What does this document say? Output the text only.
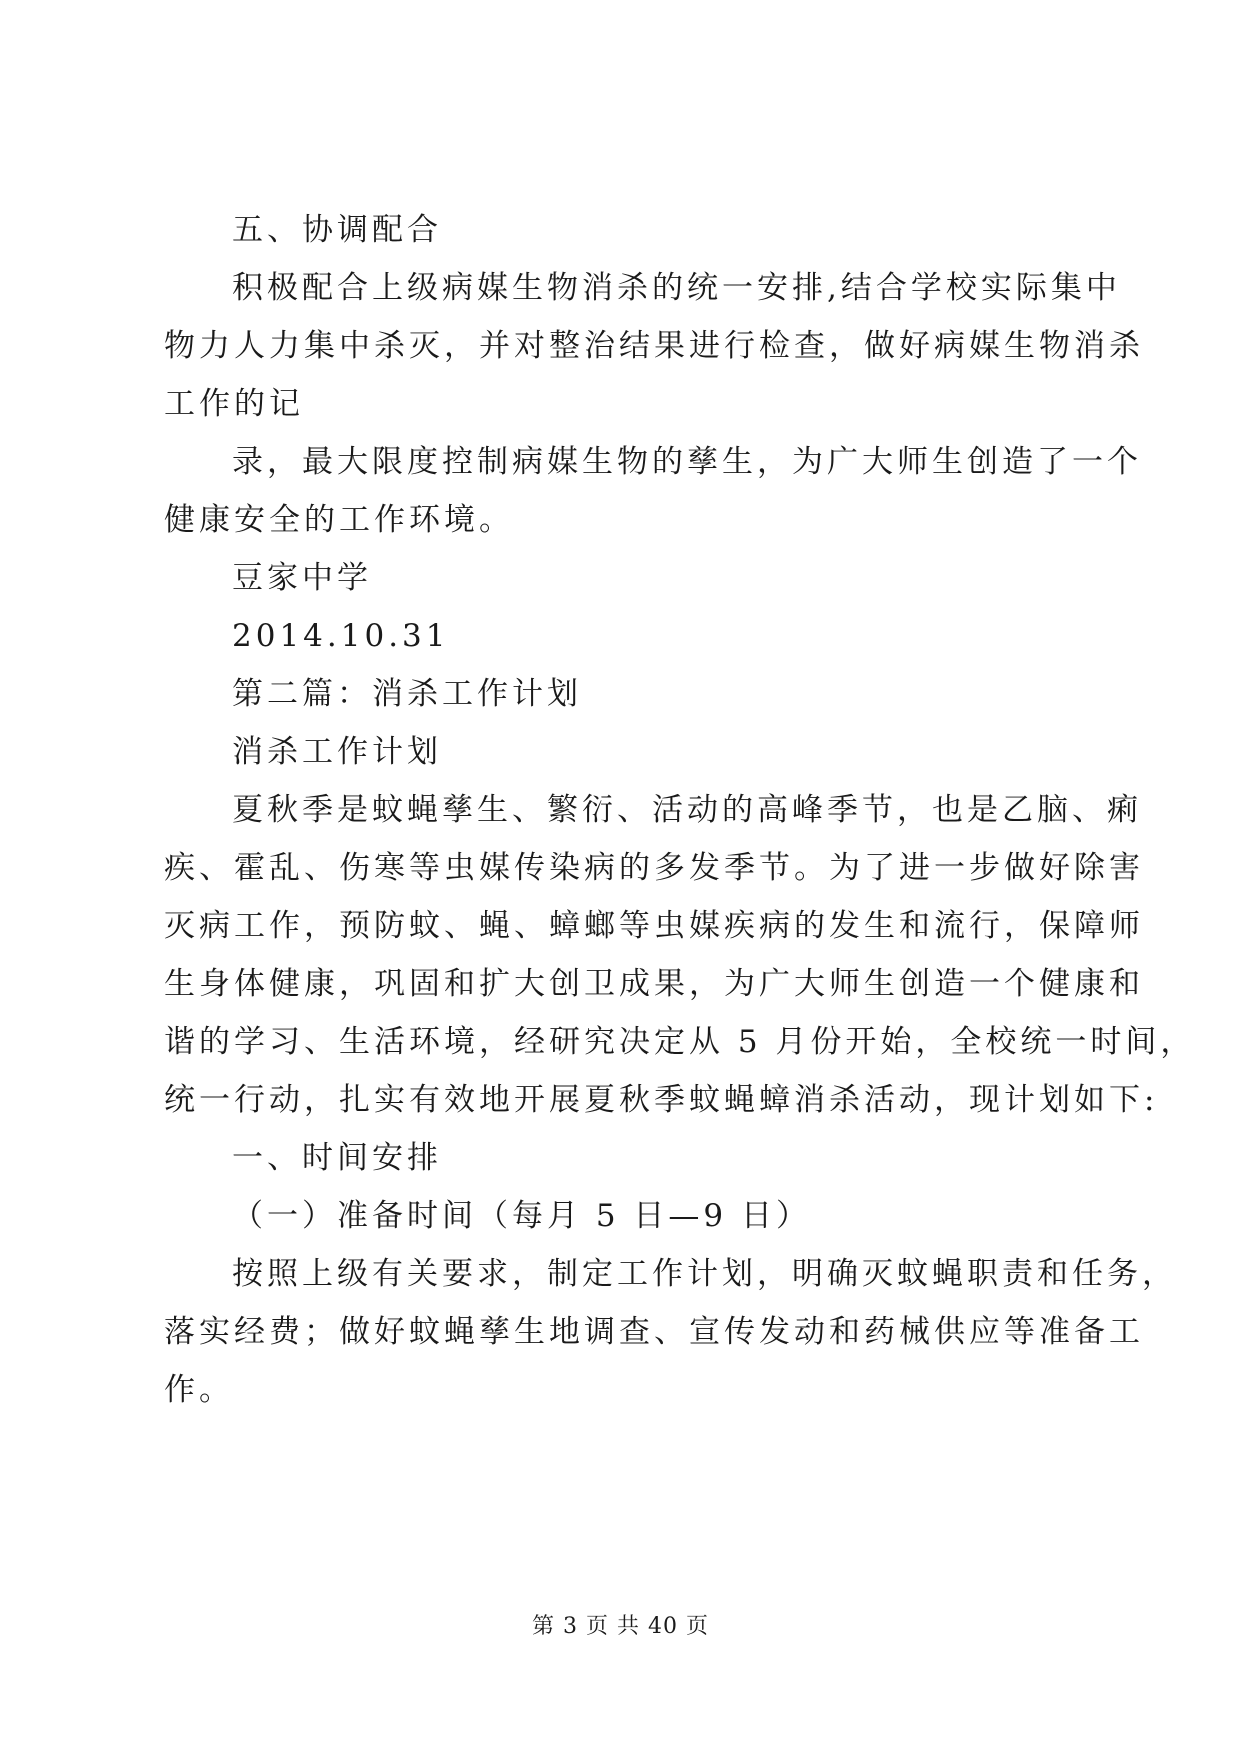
五、协调配合
积极配合上级病媒生物消杀的统一安排,结合学校实际集中
物力人力集中杀灭，并对整治结果进行检查，做好病媒生物消杀
工作的记
录，最大限度控制病媒生物的孳生，为广大师生创造了一个
健康安全的工作环境。
豆家中学
2014.10.31
第二篇：消杀工作计划
消杀工作计划
夏秋季是蚊蝇孳生、繁衍、活动的高峰季节，也是乙脑、痢
疾、霍乱、伤寒等虫媒传染病的多发季节。为了进一步做好除害
灭病工作，预防蚊、蝇、蟑螂等虫媒疾病的发生和流行，保障师
生身体健康，巩固和扩大创卫成果，为广大师生创造一个健康和
谐的学习、生活环境，经研究决定从 5 月份开始，全校统一时间，
统一行动，扎实有效地开展夏秋季蚊蝇蟑消杀活动，现计划如下:
一、时间安排
（一）准备时间（每月 5 日—9 日）
按照上级有关要求，制定工作计划，明确灭蚊蝇职责和任务，
落实经费；做好蚊蝇孳生地调查、宣传发动和药械供应等准备工
作。
第 3 页 共 40 页
